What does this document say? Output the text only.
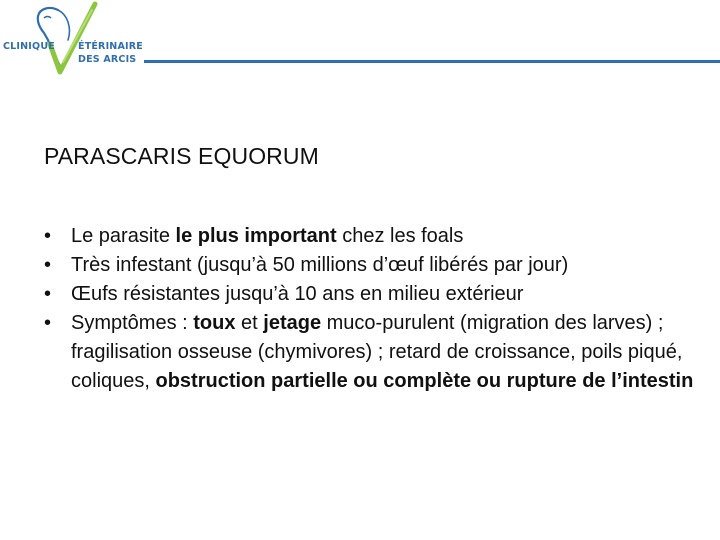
CLINIQUE ÉTÉRINAIRE
DES ARCIS
PARASCARIS EQUORUM
• Le parasite le plus important chez les foals
• Très infestant (jusqu’à 50 millions d’œuf libérés par jour)
• Œufs résistantes jusqu’à 10 ans en milieu extérieur
• Symptômes : toux et jetage muco-purulent (migration des larves) ; fragilisation osseuse (chymivores) ; retard de croissance, poils piqué, coliques, obstruction partielle ou complète ou rupture de l’intestin
